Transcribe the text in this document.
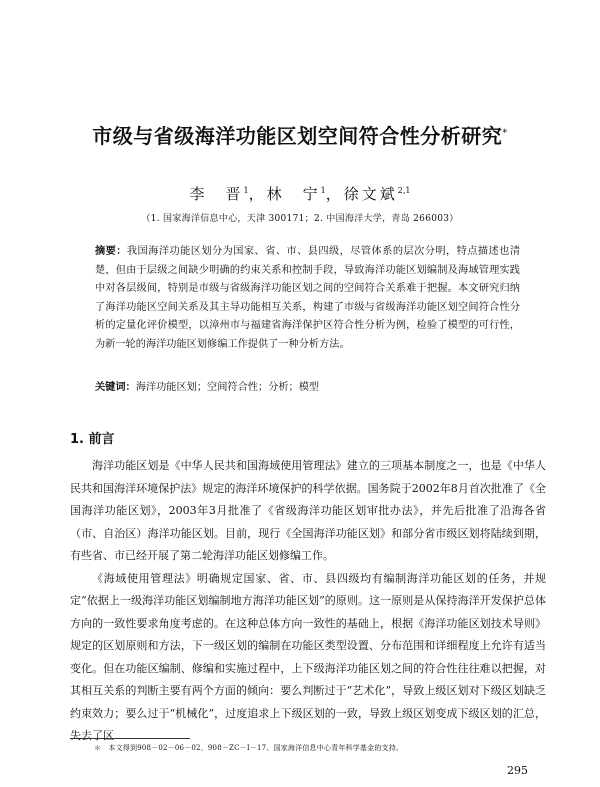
市级与省级海洋功能区划空间符合性分析研究*
李　晋$^1$，林　宁$^1$，徐文斌$^{2,1}$
（1. 国家海洋信息中心，天津 300171；2. 中国海洋大学，青岛 266003）
摘要：我国海洋功能区划分为国家、省、市、县四级，尽管体系的层次分明，特点描述也清楚，但由于层级之间缺少明确的约束关系和控制手段，导致海洋功能区划编制及海域管理实践中对各层级间，特别是市级与省级海洋功能区划之间的空间符合关系难于把握。本文研究归纳了海洋功能区空间关系及其主导功能相互关系，构建了市级与省级海洋功能区划空间符合性分析的定量化评价模型，以漳州市与福建省海洋保护区符合性分析为例，检验了模型的可行性，为新一轮的海洋功能区划修编工作提供了一种分析方法。
关键词：海洋功能区划；空间符合性；分析；模型
1. 前言

海洋功能区划是《中华人民共和国海域使用管理法》建立的三项基本制度之一，也是《中华人民共和国海洋环境保护法》规定的海洋环境保护的科学依据。国务院于2002年8月首次批准了《全国海洋功能区划》，2003年3月批准了《省级海洋功能区划审批办法》，并先后批准了沿海各省（市、自治区）海洋功能区划。目前，现行《全国海洋功能区划》和部分省市级区划将陆续到期，有些省、市已经开展了第二轮海洋功能区划修编工作。

《海域使用管理法》明确规定国家、省、市、县四级均有编制海洋功能区划的任务，并规定“依据上一级海洋功能区划编制地方海洋功能区划”的原则。这一原则是从保持海洋开发保护总体方向的一致性要求角度考虑的。在这种总体方向一致性的基础上，根据《海洋功能区划技术导则》规定的区划原则和方法，下一级区划的编制在功能区类型设置、分布范围和详细程度上允许有适当变化。但在功能区编制、修编和实施过程中，上下级海洋功能区划之间的符合性往往难以把握，对其相互关系的判断主要有两个方面的倾向：要么判断过于“艺术化”，导致上级区划对下级区划缺乏约束效力；要么过于“机械化”，过度追求上下级区划的一致，导致上级区划变成下级区划的汇总，失去了区

＊　本文得到908－02－06－02、908－ZC－Ⅰ－17、国家海洋信息中心青年科学基金的支持。
295
